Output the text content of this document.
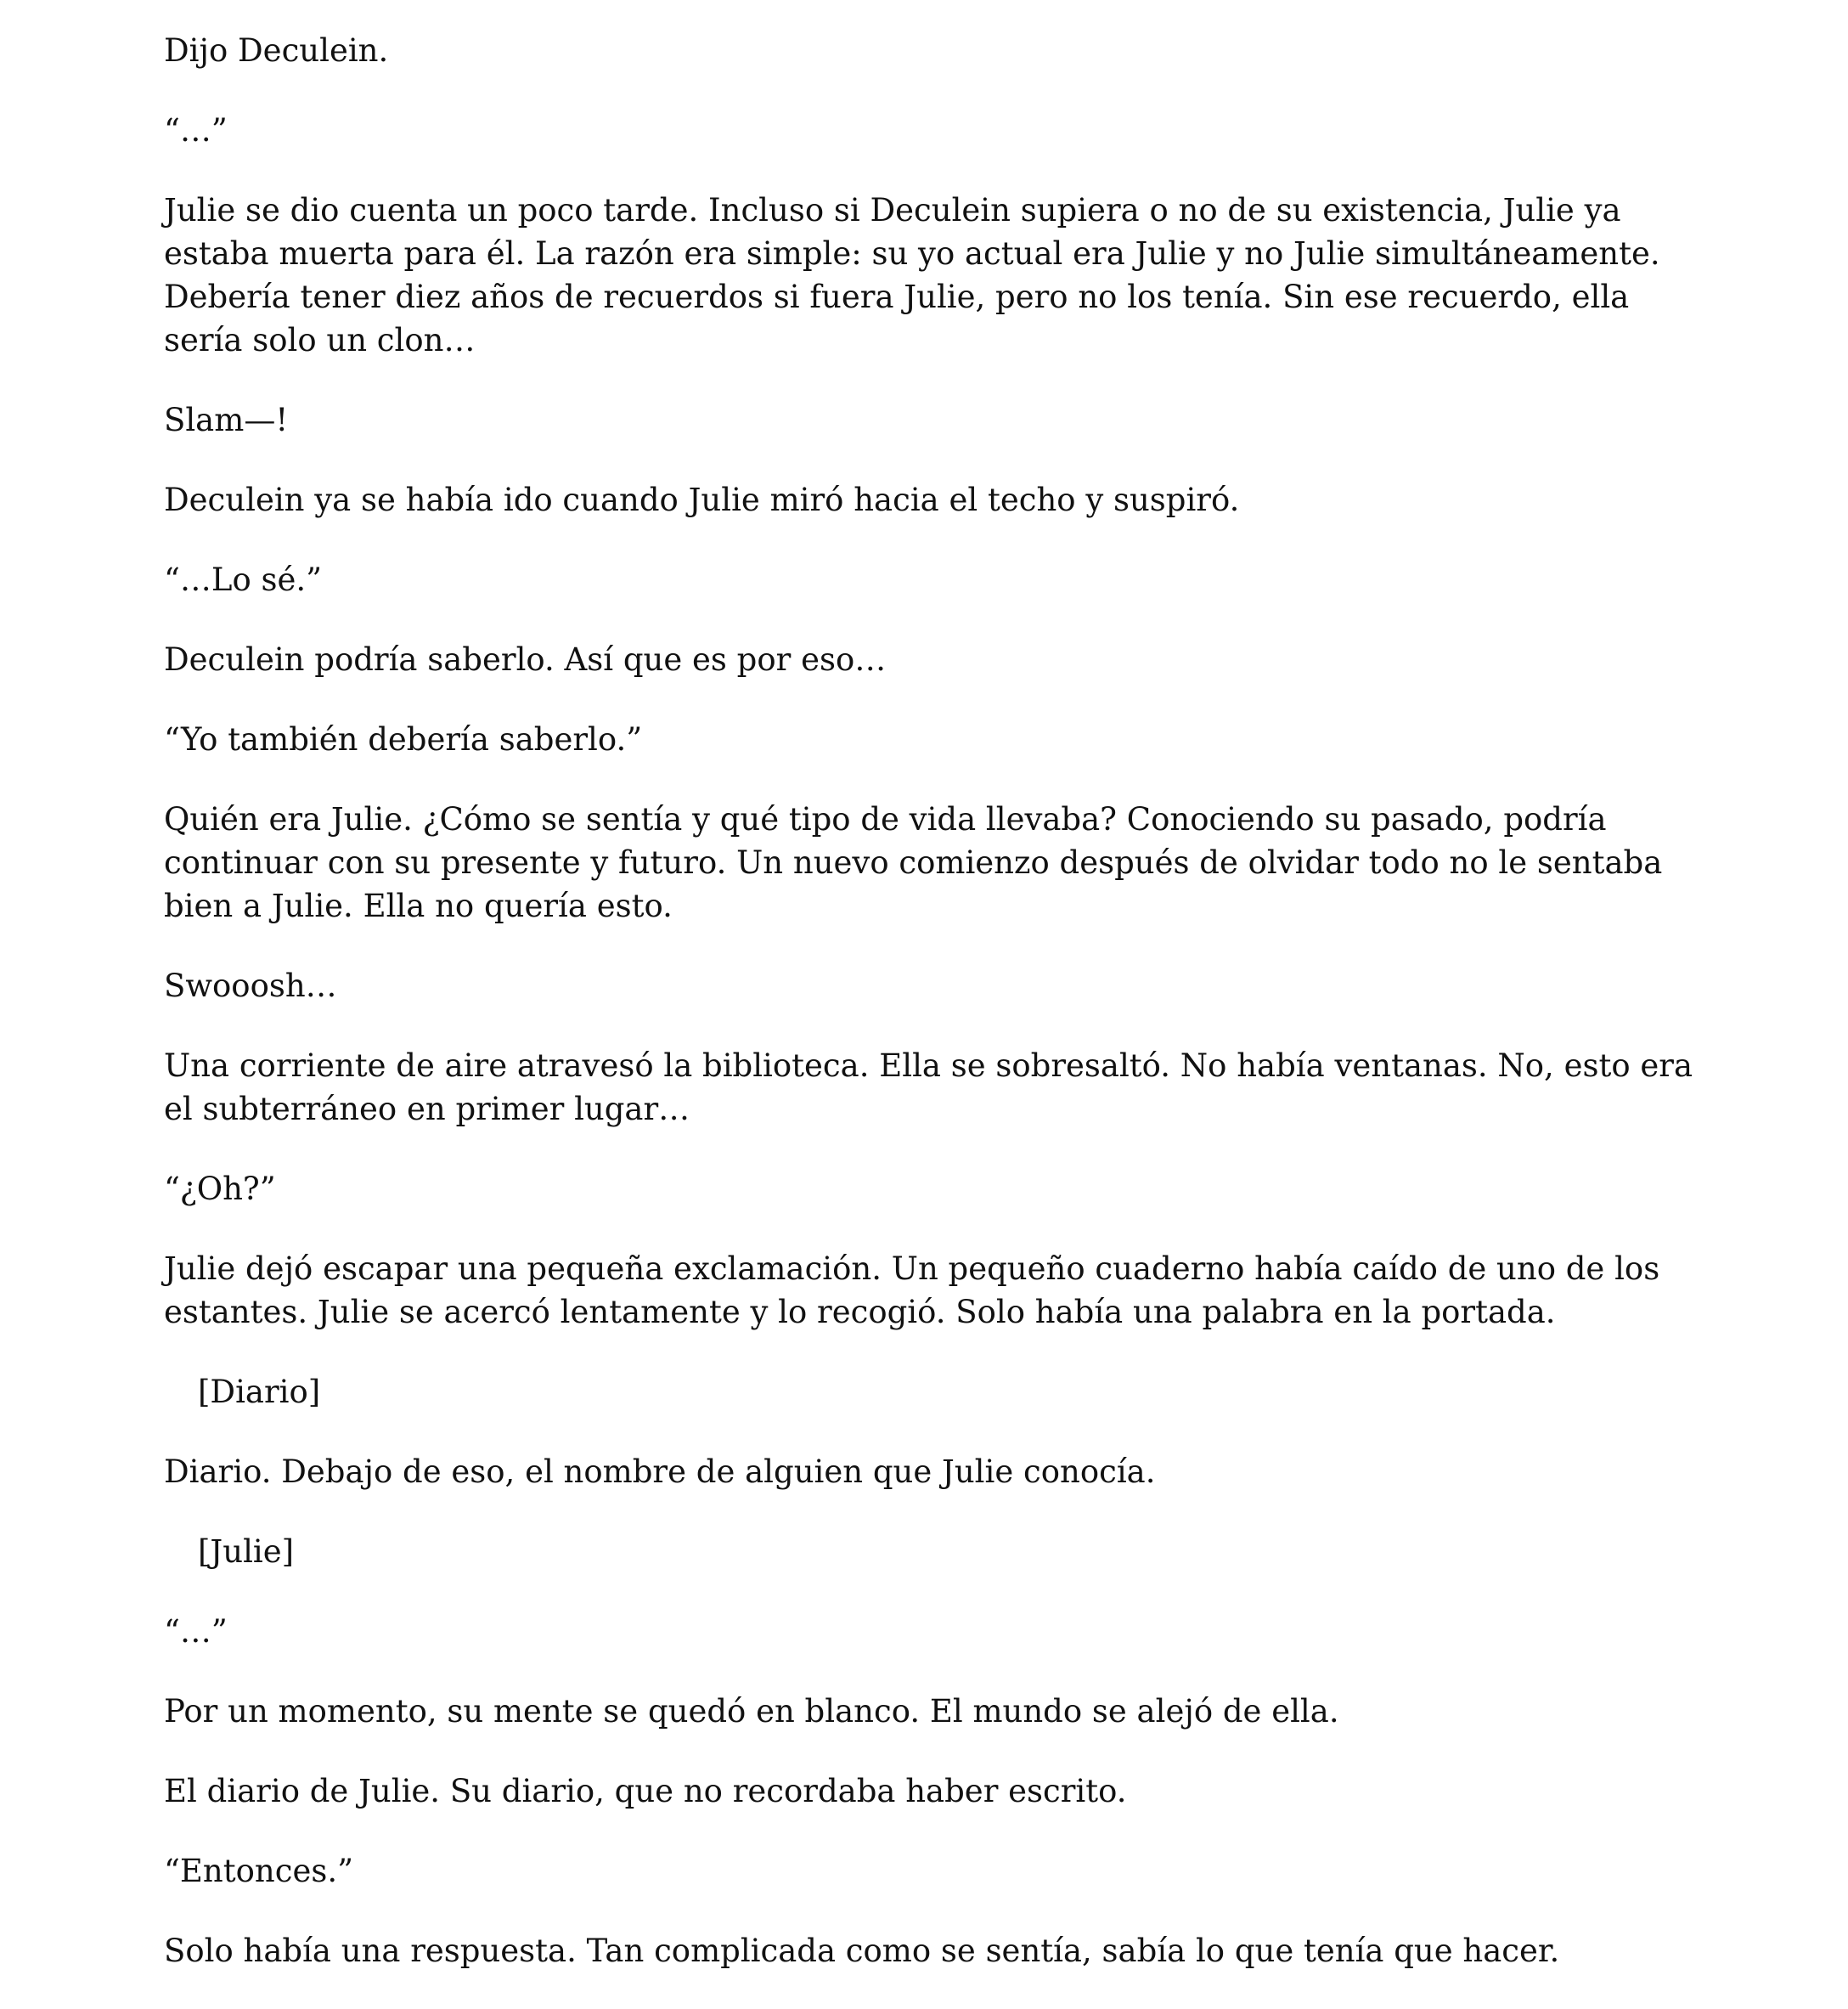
Dijo Deculein.

“…”

Julie se dio cuenta un poco tarde. Incluso si Deculein supiera o no de su existencia, Julie ya estaba muerta para él. La razón era simple: su yo actual era Julie y no Julie simultáneamente. Debería tener diez años de recuerdos si fuera Julie, pero no los tenía. Sin ese recuerdo, ella sería solo un clon…

Slam—!

Deculein ya se había ido cuando Julie miró hacia el techo y suspiró.

“…Lo sé.”

Deculein podría saberlo. Así que es por eso…

“Yo también debería saberlo.”

Quién era Julie. ¿Cómo se sentía y qué tipo de vida llevaba? Conociendo su pasado, podría continuar con su presente y futuro. Un nuevo comienzo después de olvidar todo no le sentaba bien a Julie. Ella no quería esto.

Swooosh…

Una corriente de aire atravesó la biblioteca. Ella se sobresaltó. No había ventanas. No, esto era el subterráneo en primer lugar…

“¿Oh?”

Julie dejó escapar una pequeña exclamación. Un pequeño cuaderno había caído de uno de los estantes. Julie se acercó lentamente y lo recogió. Solo había una palabra en la portada.

[Diario]

Diario. Debajo de eso, el nombre de alguien que Julie conocía.

[Julie]

“…”

Por un momento, su mente se quedó en blanco. El mundo se alejó de ella.

El diario de Julie. Su diario, que no recordaba haber escrito.

“Entonces.”

Solo había una respuesta. Tan complicada como se sentía, sabía lo que tenía que hacer.
